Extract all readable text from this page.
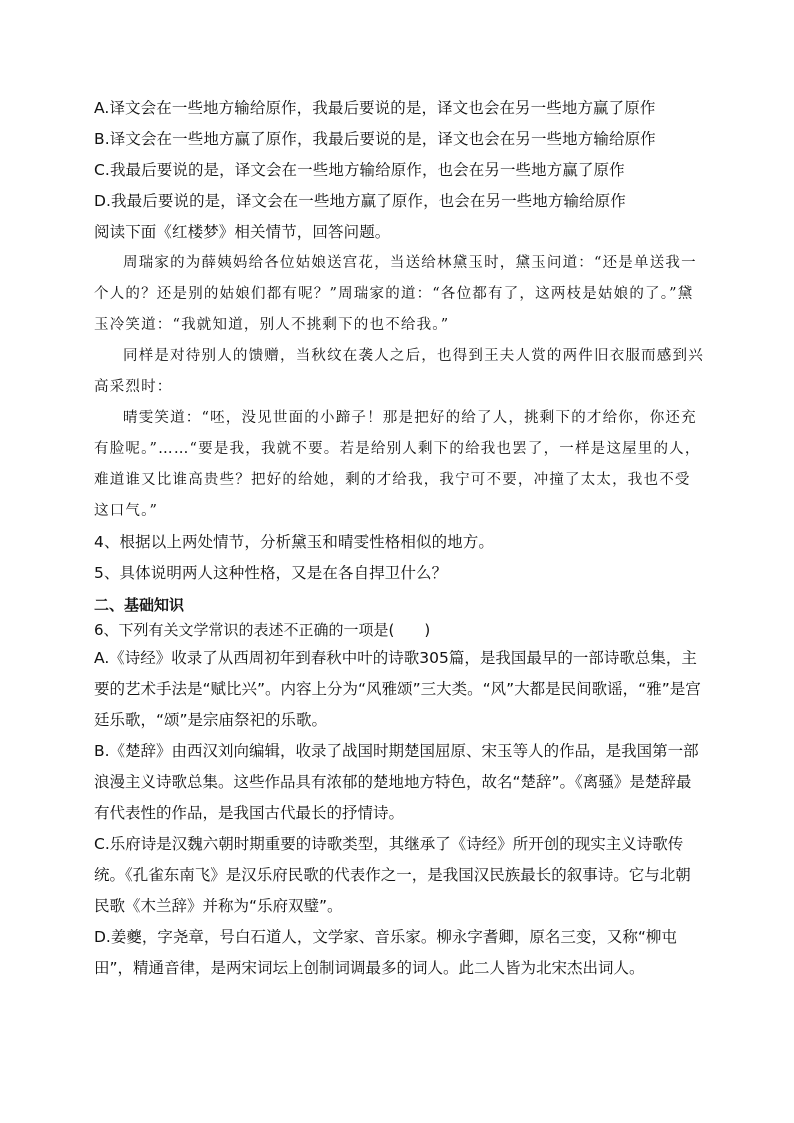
A.译文会在一些地方输给原作，我最后要说的是，译文也会在另一些地方赢了原作
B.译文会在一些地方赢了原作，我最后要说的是，译文也会在另一些地方输给原作
C.我最后要说的是，译文会在一些地方输给原作，也会在另一些地方赢了原作
D.我最后要说的是，译文会在一些地方赢了原作，也会在另一些地方输给原作
阅读下面《红楼梦》相关情节，回答问题。
周瑞家的为薛姨妈给各位姑娘送宫花，当送给林黛玉时，黛玉问道：“还是单送我一个人的？还是别的姑娘们都有呢？”周瑞家的道：“各位都有了，这两枝是姑娘的了。”黛玉冷笑道：“我就知道，别人不挑剩下的也不给我。”
同样是对待别人的馈赠，当秋纹在袭人之后，也得到王夫人赏的两件旧衣服而感到兴高采烈时：
晴雯笑道：“呸，没见世面的小蹄子！那是把好的给了人，挑剩下的才给你，你还充有脸呢。”……“要是我，我就不要。若是给别人剩下的给我也罢了，一样是这屋里的人，难道谁又比谁高贵些？把好的给她，剩的才给我，我宁可不要，冲撞了太太，我也不受这口气。”
4、根据以上两处情节，分析黛玉和晴雯性格相似的地方。
5、具体说明两人这种性格，又是在各自捍卫什么？
二、基础知识
6、下列有关文学常识的表述不正确的一项是(　　)
A.《诗经》收录了从西周初年到春秋中叶的诗歌305篇，是我国最早的一部诗歌总集，主要的艺术手法是“赋比兴”。内容上分为“风雅颂”三大类。“风”大都是民间歌谣，“雅”是宫廷乐歌，“颂”是宗庙祭祀的乐歌。
B.《楚辞》由西汉刘向编辑，收录了战国时期楚国屈原、宋玉等人的作品，是我国第一部浪漫主义诗歌总集。这些作品具有浓郁的楚地地方特色，故名“楚辞”。《离骚》是楚辞最有代表性的作品，是我国古代最长的抒情诗。
C.乐府诗是汉魏六朝时期重要的诗歌类型，其继承了《诗经》所开创的现实主义诗歌传统。《孔雀东南飞》是汉乐府民歌的代表作之一，是我国汉民族最长的叙事诗。它与北朝民歌《木兰辞》并称为“乐府双璧”。
D.姜夔，字尧章，号白石道人，文学家、音乐家。柳永字耆卿，原名三变，又称“柳屯田”，精通音律，是两宋词坛上创制词调最多的词人。此二人皆为北宋杰出词人。
